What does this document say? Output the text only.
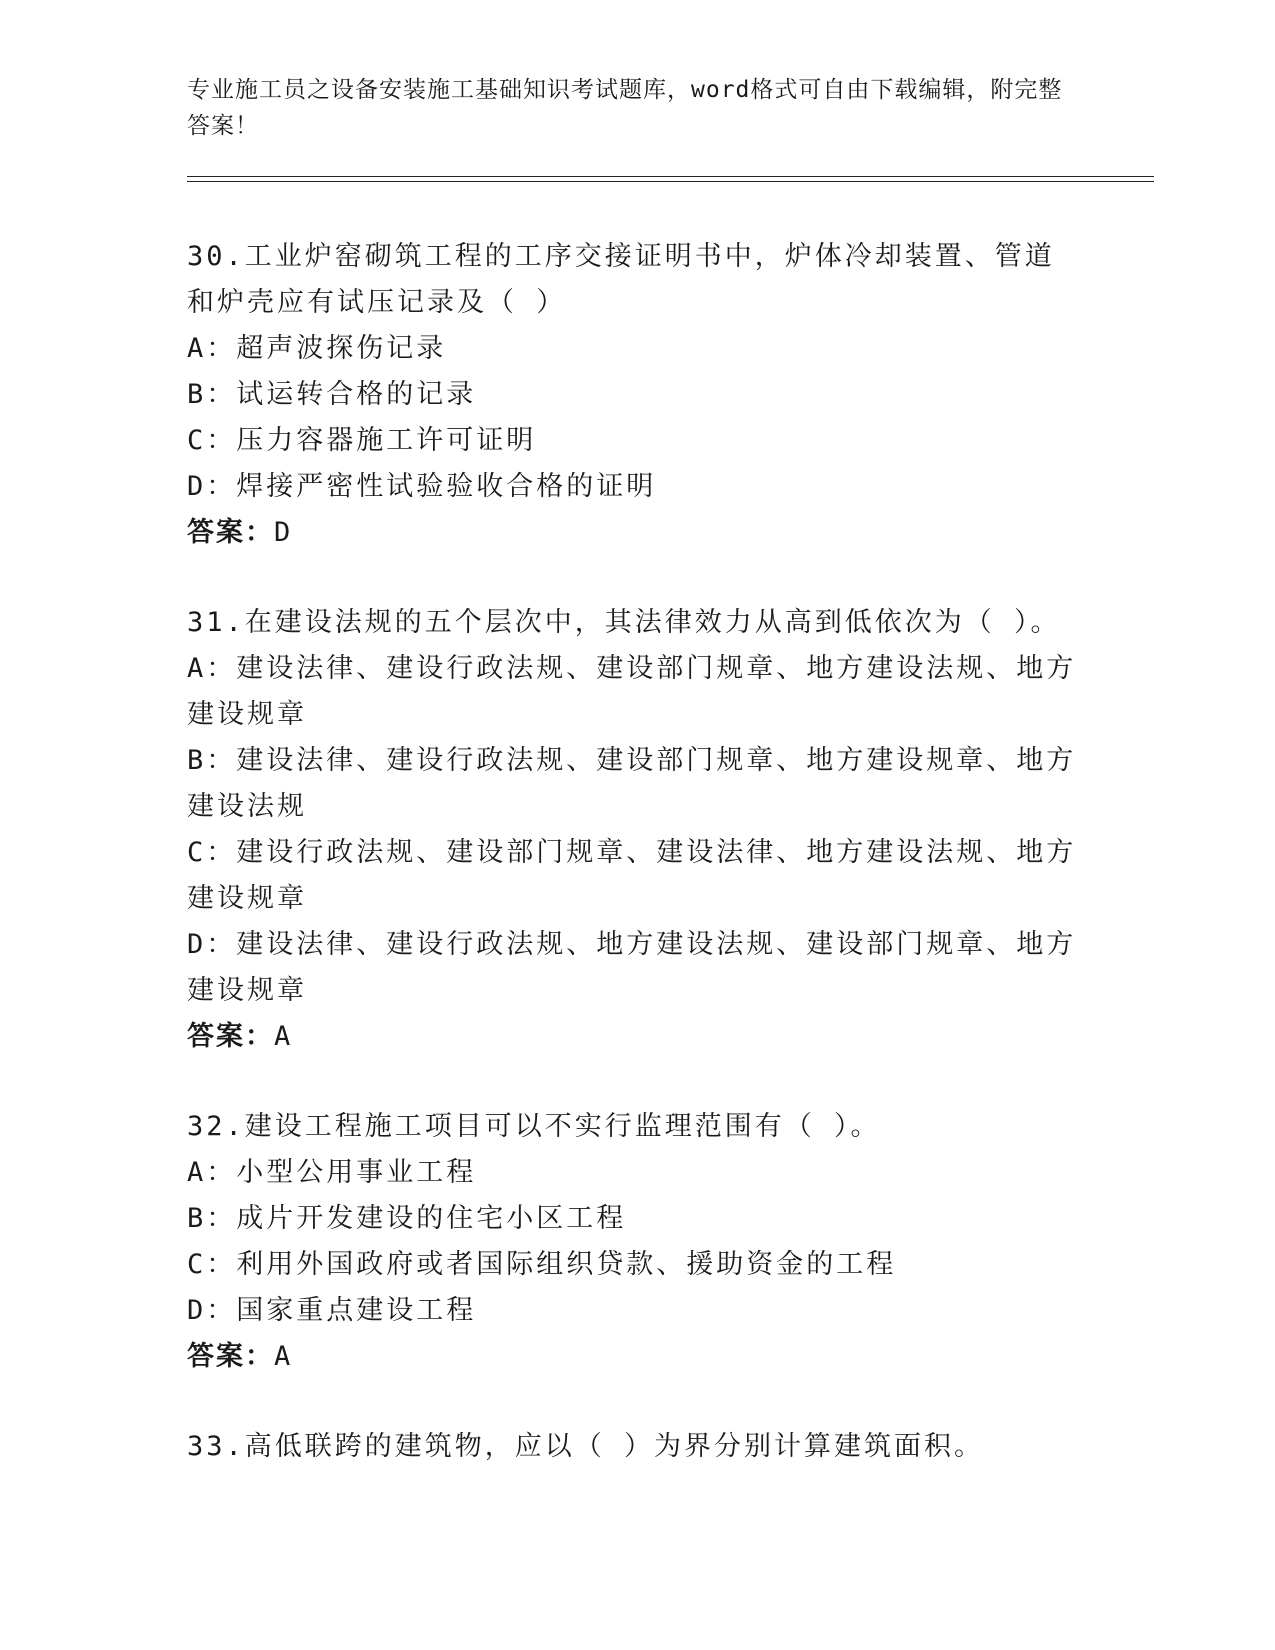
专业施工员之设备安装施工基础知识考试题库，word格式可自由下载编辑，附完整答案！
30.工业炉窑砌筑工程的工序交接证明书中，炉体冷却装置、管道和炉壳应有试压记录及（ ）
A：超声波探伤记录
B：试运转合格的记录
C：压力容器施工许可证明
D：焊接严密性试验验收合格的证明
答案：D
31.在建设法规的五个层次中，其法律效力从高到低依次为（ ）。
A：建设法律、建设行政法规、建设部门规章、地方建设法规、地方建设规章
B：建设法律、建设行政法规、建设部门规章、地方建设规章、地方建设法规
C：建设行政法规、建设部门规章、建设法律、地方建设法规、地方建设规章
D：建设法律、建设行政法规、地方建设法规、建设部门规章、地方建设规章
答案：A
32.建设工程施工项目可以不实行监理范围有（ ）。
A：小型公用事业工程
B：成片开发建设的住宅小区工程
C：利用外国政府或者国际组织贷款、援助资金的工程
D：国家重点建设工程
答案：A
33.高低联跨的建筑物，应以（ ）为界分别计算建筑面积。
